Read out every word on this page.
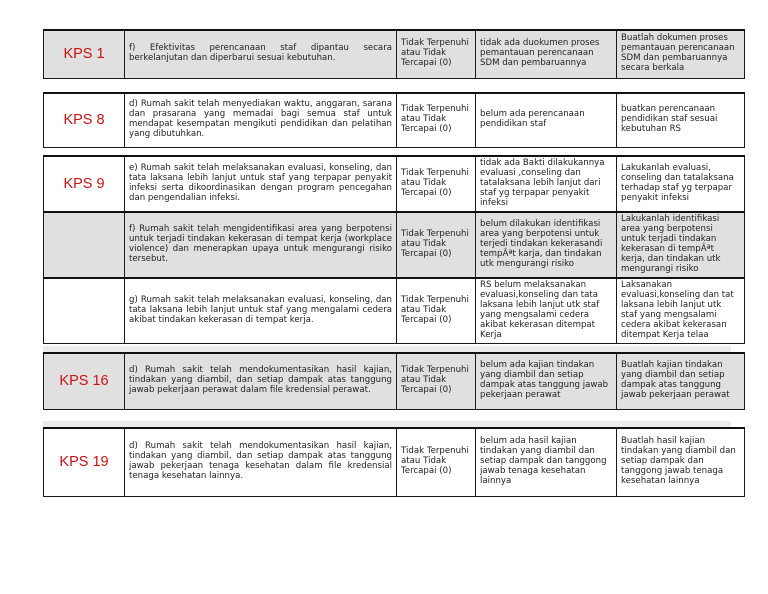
KPS 1	f) Efektivitas perencanaan staf dipantau secara berkelanjutan dan diperbarui sesuai kebutuhan.	Tidak Terpenuhi atau Tidak Tercapai (0)	tidak ada duokumen proses pemantauan perencanaan SDM dan pembaruannya	Buatlah dokumen proses pemantauan perencanaan SDM dan pembaruannya secara berkala
KPS 8	d) Rumah sakit telah menyediakan waktu, anggaran, sarana dan prasarana yang memadai bagi semua staf untuk mendapat kesempatan mengikuti pendidikan dan pelatihan yang dibutuhkan.	Tidak Terpenuhi atau Tidak Tercapai (0)	belum ada perencanaan pendidikan staf	buatkan perencanaan pendidikan staf sesuai kebutuhan RS
KPS 9	e) Rumah sakit telah melaksanakan evaluasi, konseling, dan tata laksana lebih lanjut untuk staf yang terpapar penyakit infeksi serta dikoordinasikan dengan program pencegahan dan pengendalian infeksi.	Tidak Terpenuhi atau Tidak Tercapai (0)	tidak ada Bakti dilakukannya evaluasi ,conseling dan tatalaksana lebih lanjut dari staf yg terpapar penyakit infeksi	Lakukanlah evaluasi, conseling dan tatalaksana terhadap staf yg terpapar penyakit infeksi
	f) Rumah sakit telah mengidentifikasi area yang berpotensi untuk terjadi tindakan kekerasan di tempat kerja (workplace violence) dan menerapkan upaya untuk mengurangi risiko tersebut.	Tidak Terpenuhi atau Tidak Tercapai (0)	belum dilakukan identifikasi area yang berpotensi untuk terjedi tindakan kekerasandi tempÂªt karja, dan tindakan utk mengurangi risiko	Lakukanlah identifikasi area yang berpotensi untuk terjadi tindakan kekerasan di tempÂªt kerja, dan tindakan utk mengurangi risiko
	g) Rumah sakit telah melaksanakan evaluasi, konseling, dan tata laksana lebih lanjut untuk staf yang mengalami cedera akibat tindakan kekerasan di tempat kerja.	Tidak Terpenuhi atau Tidak Tercapai (0)	RS belum melaksanakan evaluasi,konseling dan tata laksana lebih lanjut utk staf yang mengsalami cedera akibat kekerasan ditempat Kerja	Laksanakan evaluasi,konseling dan tat laksana lebih lanjut utk staf yang mengsalami cedera akibat kekerasan ditempat Kerja telaa
KPS 16	d) Rumah sakit telah mendokumentasikan hasil kajian, tindakan yang diambil, dan setiap dampak atas tanggung jawab pekerjaan perawat dalam file kredensial perawat.	Tidak Terpenuhi atau Tidak Tercapai (0)	belum ada kajian tindakan yang diambil dan setiap dampak atas tanggung jawab pekerjaan perawat	Buatlah kajian tindakan yang diambil dan setiap dampak atas tanggung jawab pekerjaan perawat
KPS 19	d) Rumah sakit telah mendokumentasikan hasil kajian, tindakan yang diambil, dan setiap dampak atas tanggung jawab pekerjaan tenaga kesehatan dalam file kredensial tenaga kesehatan lainnya.	Tidak Terpenuhi atau Tidak Tercapai (0)	belum ada hasil kajian tindakan yang diambil dan setiap dampak dan tanggong jawab tenaga kesehatan lainnya	Buatlah hasil kajian tindakan yang diambil dan setiap dampak dan tanggong jawab tenaga kesehatan lainnya
